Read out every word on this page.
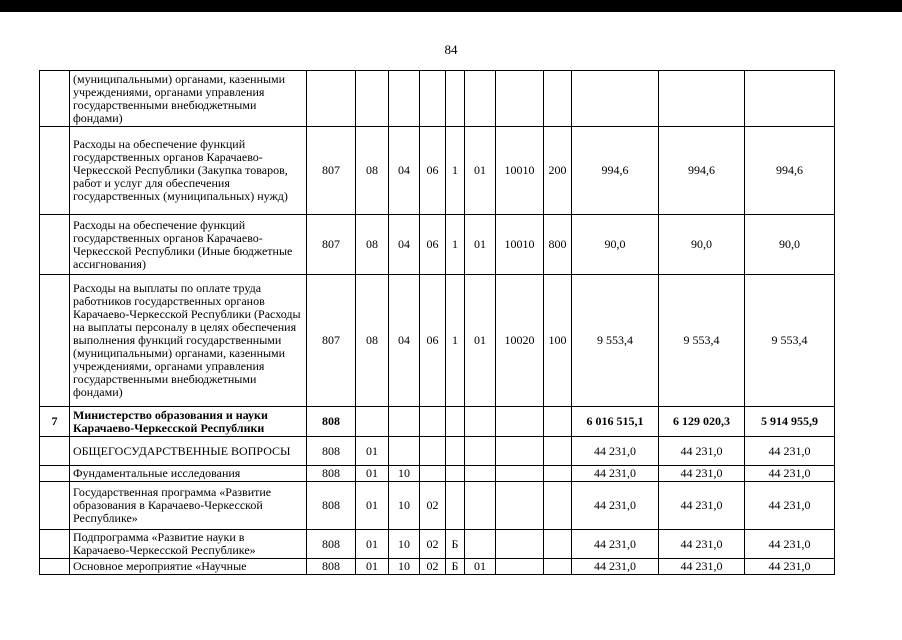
84
	(муниципальными) органами, казенными учреждениями, органами управления государственными внебюджетными фондами)											
	Расходы на обеспечение функций государственных органов Карачаево-Черкесской Республики (Закупка товаров, работ и услуг для обеспечения государственных (муниципальных) нужд)	807	08	04	06	1	01	10010	200	994,6	994,6	994,6
	Расходы на обеспечение функций государственных органов Карачаево-Черкесской Республики (Иные бюджетные ассигнования)	807	08	04	06	1	01	10010	800	90,0	90,0	90,0
	Расходы на выплаты по оплате труда работников государственных органов Карачаево-Черкесской Республики (Расходы на выплаты персоналу в целях обеспечения выполнения функций государственными (муниципальными) органами, казенными учреждениями, органами управления государственными внебюджетными фондами)	807	08	04	06	1	01	10020	100	9 553,4	9 553,4	9 553,4
7	Министерство образования и науки Карачаево-Черкесской Республики	808								6 016 515,1	6 129 020,3	5 914 955,9
	ОБЩЕГОСУДАРСТВЕННЫЕ ВОПРОСЫ	808	01							44 231,0	44 231,0	44 231,0
	Фундаментальные исследования	808	01	10						44 231,0	44 231,0	44 231,0
	Государственная программа «Развитие образования в Карачаево-Черкесской Республике»	808	01	10	02					44 231,0	44 231,0	44 231,0
	Подпрограмма «Развитие науки в Карачаево-Черкесской Республике»	808	01	10	02	Б				44 231,0	44 231,0	44 231,0
	Основное мероприятие «Научные	808	01	10	02	Б	01			44 231,0	44 231,0	44 231,0
